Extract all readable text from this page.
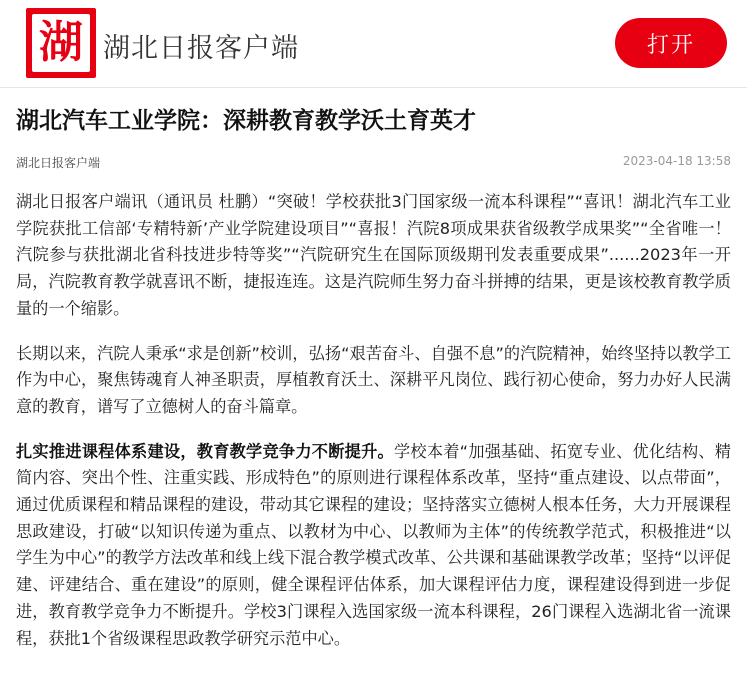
湖 湖北日报客户端	打开
湖北汽车工业学院：深耕教育教学沃土育英才
湖北日报客户端	2023-04-18 13:58

湖北日报客户端讯（通讯员 杜鹏）“突破！学校获批3门国家级一流本科课程”“喜讯！湖北汽车工业学院获批工信部‘专精特新’产业学院建设项目”“喜报！汽院8项成果获省级教学成果奖”“全省唯一！汽院参与获批湖北省科技进步特等奖”“汽院研究生在国际顶级期刊发表重要成果”......2023年一开局，汽院教育教学就喜讯不断，捷报连连。这是汽院师生努力奋斗拼搏的结果，更是该校教育教学质量的一个缩影。

长期以来，汽院人秉承“求是创新”校训，弘扬“艰苦奋斗、自强不息”的汽院精神，始终坚持以教学工作为中心，聚焦铸魂育人神圣职责，厚植教育沃土、深耕平凡岗位、践行初心使命，努力办好人民满意的教育，谱写了立德树人的奋斗篇章。

扎实推进课程体系建设，教育教学竞争力不断提升。学校本着“加强基础、拓宽专业、优化结构、精简内容、突出个性、注重实践、形成特色”的原则进行课程体系改革，坚持“重点建设、以点带面”，通过优质课程和精品课程的建设，带动其它课程的建设；坚持落实立德树人根本任务，大力开展课程思政建设，打破“以知识传递为重点、以教材为中心、以教师为主体”的传统教学范式，积极推进“以学生为中心”的教学方法改革和线上线下混合教学模式改革、公共课和基础课教学改革；坚持“以评促建、评建结合、重在建设”的原则，健全课程评估体系，加大课程评估力度，课程建设得到进一步促进，教育教学竞争力不断提升。学校3门课程入选国家级一流本科课程，26门课程入选湖北省一流课程，获批1个省级课程思政教学研究示范中心。
